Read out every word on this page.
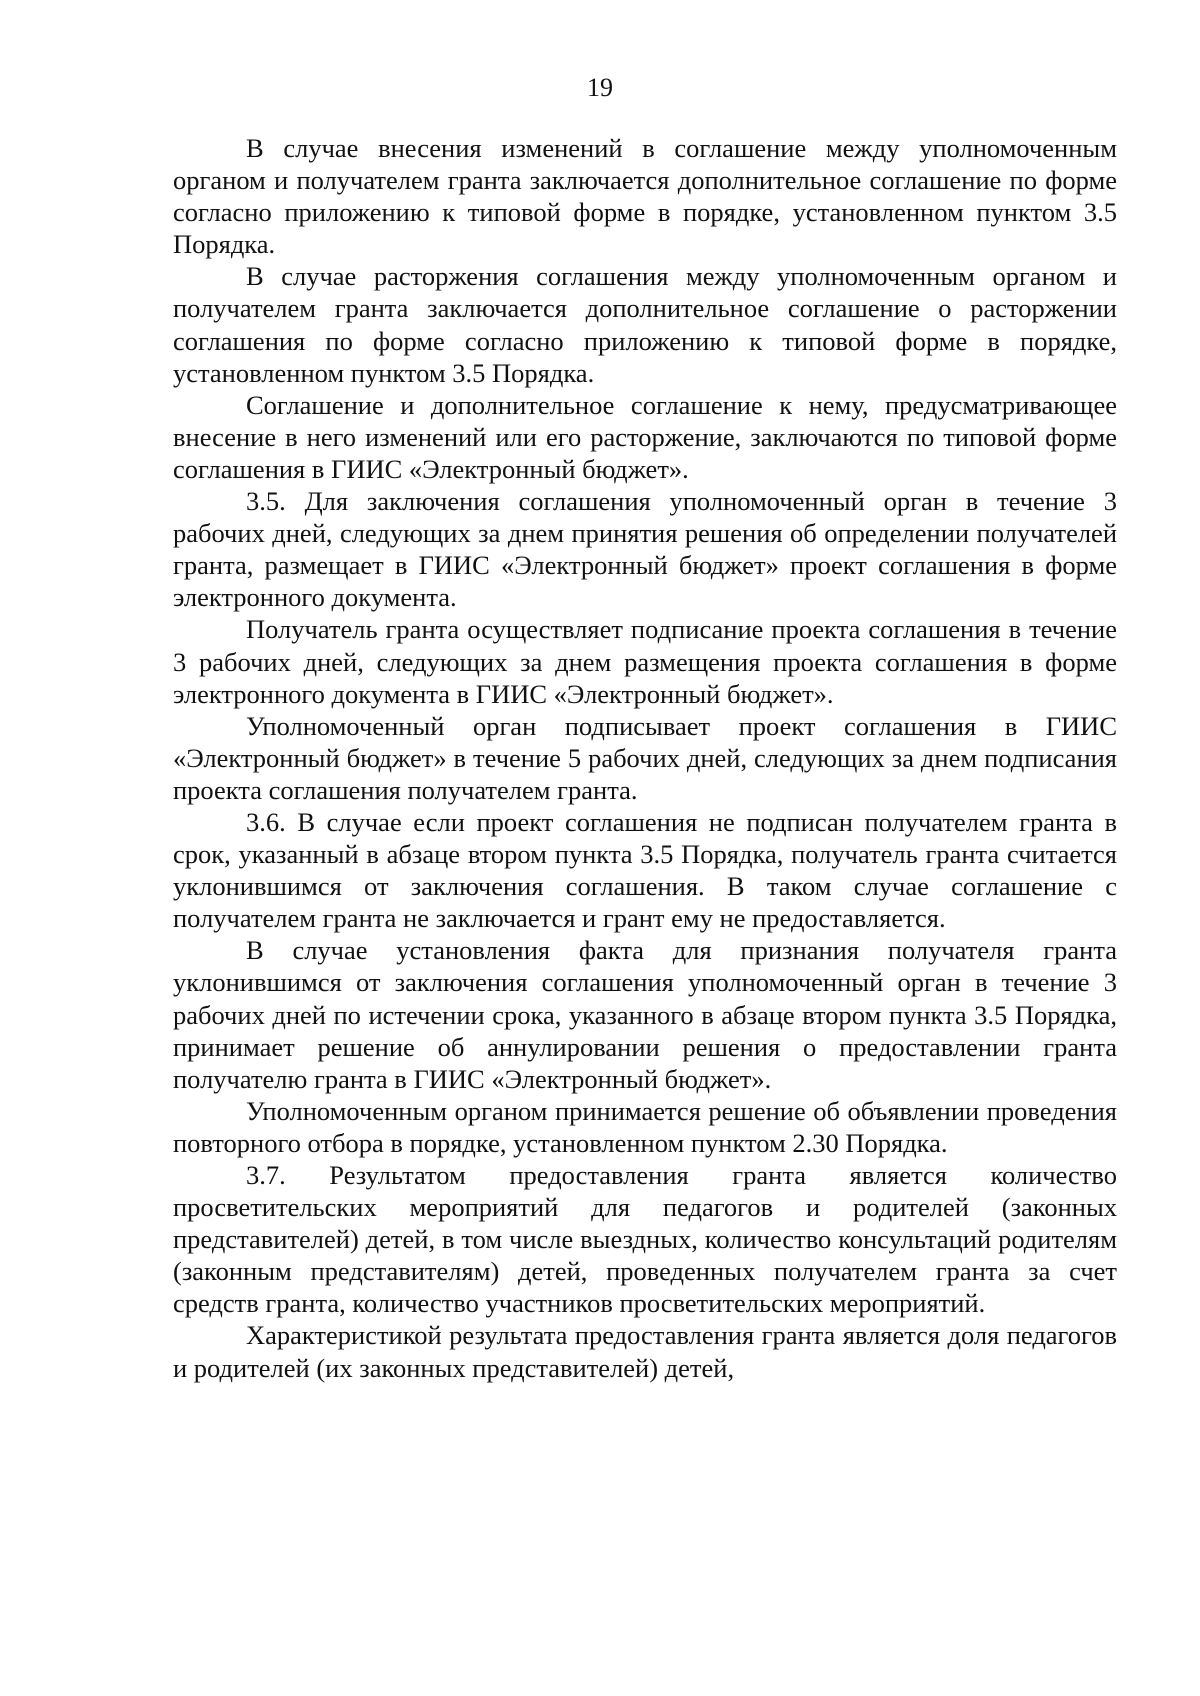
19

В случае внесения изменений в соглашение между уполномоченным органом и получателем гранта заключается дополнительное соглашение по форме согласно приложению к типовой форме в порядке, установленном пунктом 3.5 Порядка.

В случае расторжения соглашения между уполномоченным органом и получателем гранта заключается дополнительное соглашение о расторжении соглашения по форме согласно приложению к типовой форме в порядке, установленном пунктом 3.5 Порядка.

Соглашение и дополнительное соглашение к нему, предусматривающее внесение в него изменений или его расторжение, заключаются по типовой форме соглашения в ГИИС «Электронный бюджет».

3.5. Для заключения соглашения уполномоченный орган в течение 3 рабочих дней, следующих за днем принятия решения об определении получателей гранта, размещает в ГИИС «Электронный бюджет» проект соглашения в форме электронного документа.

Получатель гранта осуществляет подписание проекта соглашения в течение 3 рабочих дней, следующих за днем размещения проекта соглашения в форме электронного документа в ГИИС «Электронный бюджет».

Уполномоченный орган подписывает проект соглашения в ГИИС «Электронный бюджет» в течение 5 рабочих дней, следующих за днем подписания проекта соглашения получателем гранта.

3.6. В случае если проект соглашения не подписан получателем гранта в срок, указанный в абзаце втором пункта 3.5 Порядка, получатель гранта считается уклонившимся от заключения соглашения. В таком случае соглашение с получателем гранта не заключается и грант ему не предоставляется.

В случае установления факта для признания получателя гранта уклонившимся от заключения соглашения уполномоченный орган в течение 3 рабочих дней по истечении срока, указанного в абзаце втором пункта 3.5 Порядка, принимает решение об аннулировании решения о предоставлении гранта получателю гранта в ГИИС «Электронный бюджет».

Уполномоченным органом принимается решение об объявлении проведения повторного отбора в порядке, установленном пунктом 2.30 Порядка.

3.7. Результатом предоставления гранта является количество просветительских мероприятий для педагогов и родителей (законных представителей) детей, в том числе выездных, количество консультаций родителям (законным представителям) детей, проведенных получателем гранта за счет средств гранта, количество участников просветительских мероприятий.

Характеристикой результата предоставления гранта является доля педагогов и родителей (их законных представителей) детей,
